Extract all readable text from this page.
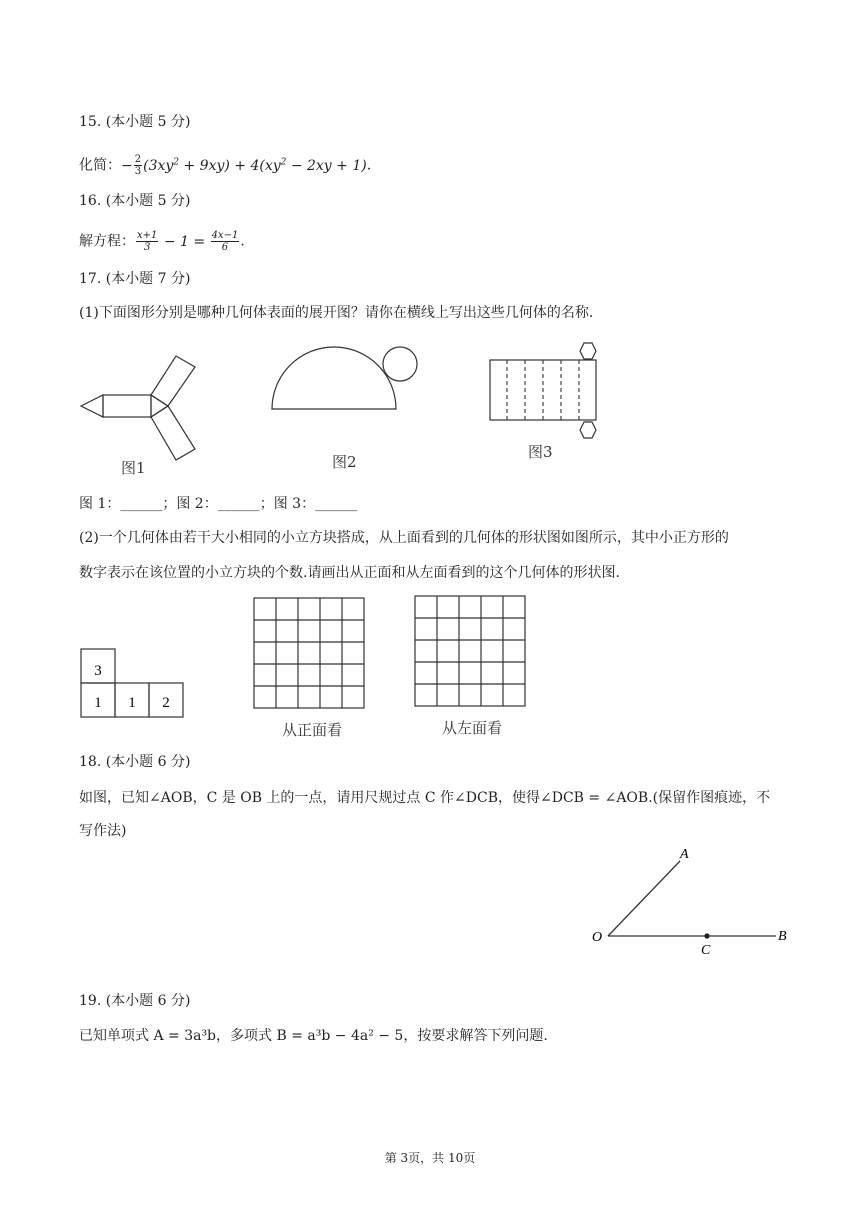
15. (本小题 5 分)
化简：− $\frac{2}{3} (3xy^2 + 9xy) + 4(xy^2 - 2xy + 1)$.
16. (本小题 5 分)
解方程： $\frac{x+1}{3} - 1 = \frac{4x-1}{6}$ .
17. (本小题 7 分)
(1)下面图形分别是哪种几何体表面的展开图？请你在横线上写出这些几何体的名称.
图1	图2
图3
图 1：______；图 2：______；图 3：______
(2)一个几何体由若干大小相同的小立方块搭成，从上面看到的几何体的形状图如图所示，其中小正方形的
数字表示在该位置的小立方块的个数.请画出从正面和从左面看到的这个几何体的形状图.
3
1 1 2
从正面看	从左面看
18. (本小题 6 分)
如图，已知∠AOB，C 是 OB 上的一点，请用尺规过点 C 作∠DCB，使得∠DCB = ∠AOB.(保留作图痕迹，不
写作法)
A
O	B
C
19. (本小题 6 分)
已知单项式 A = 3a³b，多项式 B = a³b − 4a² − 5，按要求解答下列问题.
第 3页，共 10页
